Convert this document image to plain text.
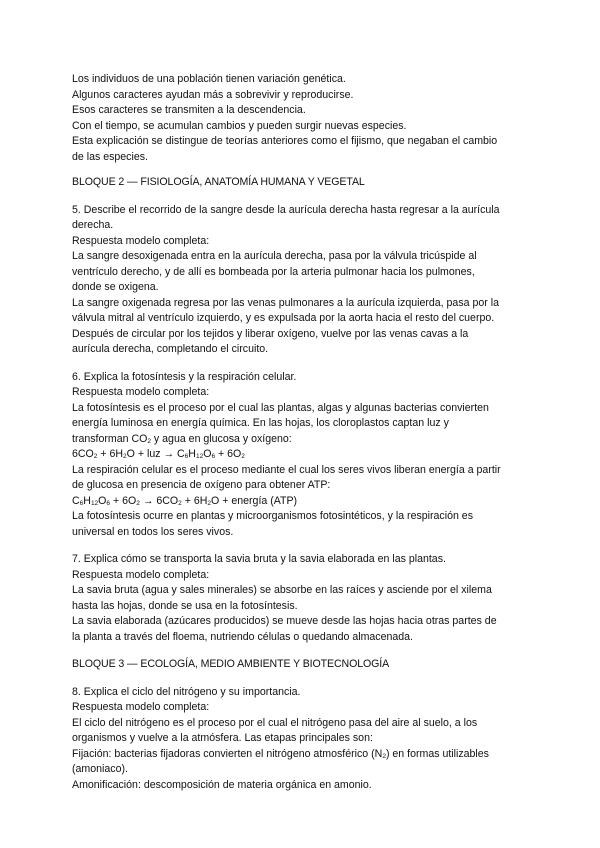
Los individuos de una población tienen variación genética.
Algunos caracteres ayudan más a sobrevivir y reproducirse.
Esos caracteres se transmiten a la descendencia.
Con el tiempo, se acumulan cambios y pueden surgir nuevas especies.
Esta explicación se distingue de teorías anteriores como el fijismo, que negaban el cambio
de las especies.
BLOQUE 2 — FISIOLOGÍA, ANATOMÍA HUMANA Y VEGETAL
5. Describe el recorrido de la sangre desde la aurícula derecha hasta regresar a la aurícula
derecha.
Respuesta modelo completa:
La sangre desoxigenada entra en la aurícula derecha, pasa por la válvula tricúspide al
ventrículo derecho, y de allí es bombeada por la arteria pulmonar hacia los pulmones,
donde se oxigena.
La sangre oxigenada regresa por las venas pulmonares a la aurícula izquierda, pasa por la
válvula mitral al ventrículo izquierdo, y es expulsada por la aorta hacia el resto del cuerpo.
Después de circular por los tejidos y liberar oxígeno, vuelve por las venas cavas a la
aurícula derecha, completando el circuito.
6. Explica la fotosíntesis y la respiración celular.
Respuesta modelo completa:
La fotosíntesis es el proceso por el cual las plantas, algas y algunas bacterias convierten
energía luminosa en energía química. En las hojas, los cloroplastos captan luz y
transforman $CO_2$ y agua en glucosa y oxígeno:
$6CO_2 + 6H_2O$ + luz → $C_6H_{12}O_6 + 6O_2$
La respiración celular es el proceso mediante el cual los seres vivos liberan energía a partir
de glucosa en presencia de oxígeno para obtener ATP:
$C_6H_{12}O_6 + 6O_2 \to 6CO_2 + 6H_2O$ + energía (ATP)
La fotosíntesis ocurre en plantas y microorganismos fotosintéticos, y la respiración es
universal en todos los seres vivos.
7. Explica cómo se transporta la savia bruta y la savia elaborada en las plantas.
Respuesta modelo completa:
La savia bruta (agua y sales minerales) se absorbe en las raíces y asciende por el xilema
hasta las hojas, donde se usa en la fotosíntesis.
La savia elaborada (azúcares producidos) se mueve desde las hojas hacia otras partes de
la planta a través del floema, nutriendo células o quedando almacenada.
BLOQUE 3 — ECOLOGÍA, MEDIO AMBIENTE Y BIOTECNOLOGÍA
8. Explica el ciclo del nitrógeno y su importancia.
Respuesta modelo completa:
El ciclo del nitrógeno es el proceso por el cual el nitrógeno pasa del aire al suelo, a los
organismos y vuelve a la atmósfera. Las etapas principales son:
Fijación: bacterias fijadoras convierten el nitrógeno atmosférico $(N_2)$ en formas utilizables
(amoniaco).
Amonificación: descomposición de materia orgánica en amonio.
